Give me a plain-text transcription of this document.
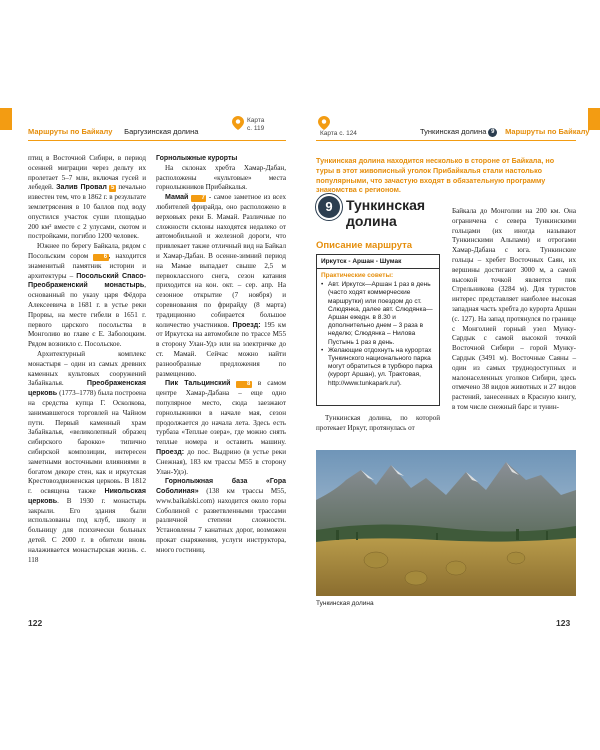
Маршруты по Байкалу Баргузинская долина
Карта
с. 119

птиц в Восточной Сибири, в период осенней миграции через дельту их пролетает 5–7 млн, включая гусей и лебедей. Залив Провал 5 печально известен тем, что в 1862 г. в результате землетрясения в 10 баллов под воду опустился участок суши площадью 200 км² вместе с 2 улусами, скотом и постройками, погибло 1200 человек.

Южнее по берегу Байкала, рядом с Посольским сором 6 , находится знаменитый памятник истории и архитектуры – Посольский Спасо-Преображенский монастырь, основанный по указу царя Фёдора Алексеевича в 1681 г. в устье реки Прорвы, на месте гибели в 1651 г. первого царского посольства в Монголию во главе с Е. Заболоцким. Рядом возникло с. Посольское.

Архитектурный комплекс монастыря – один из самых древних каменных культовых сооружений Забайкалья. Преображенская церковь (1773–1778) была построена на средства купца Г. Осколкова, занимавшегося торговлей на Чайном пути. Первый каменный храм Забайкалья, «великолепный образец сибирского барокко» типично сибирской композиции, интересен заметными восточными влияниями в богатом декоре стен, как и иркутская Крестовоздвиженская церковь. В 1812 г. освящена также Никольская церковь. В 1930 г. монастырь закрыли. Его здания были использованы под клуб, школу и больницу для психически больных детей. С 2000 г. в обители вновь налаживается монастырская жизнь. с. 118

Горнолыжные курорты

На склонах хребта Хамар-Дабан, расположены «культовые» места горнолыжников Прибайкалья.

Мамай 7 - самое заметное из всех любителей фрирайда, оно расположено в верховьях реки Б. Мамай. Различные по сложности склоны находятся недалеко от автомобильной и железной дороги, что привлекает также отличный вид на Байкал и Хамар-Дабан. В осенне-зимний период на Мамае выпадает свыше 2,5 м первоклассного снега, сезон катания приходится на кон. окт. – сер. апр. На сезонное открытие (7 ноября) и соревнования по фрирайду (8 марта) традиционно собирается большое количество участников. Проезд: 195 км от Иркутска на автомобиле по трассе М55 в сторону Улан-Удэ или на электричке до ст. Мамай. Сейчас можно найти разнообразные предложения по размещению.

Пик Тальцинский	8 в самом центре Хамар-Дабана – еще одно популярное место, сюда заезжают горнолыжники в начале мая, сезон продолжается до начала лета. Здесь есть турбаза «Теплые озера», где можно снять теплые номера и оставить машину. Проезд: до пос. Выдрино (в устье реки Снежная), 183 км трассы М55 в сторону Улан-Удэ).

Горнолыжная база «Гора Соболиная» (138 км трассы М55, www.baikalski.com) находится около горы Соболиной с разветвленными трассами различной степени сложности. Установлены 7 канатных дорог, возможен прокат снаряжения, услуги инструктора, много гостиниц.

122
Карта с. 124	Тункинская долина 9 Маршруты по Байкалу
Тункинская долина находится несколько в стороне от Байкала, но туры в этот живописный уголок Прибайкалья стали настолько популярными, что зачастую входят в обязательную программу знакомства с регионом.
9 Тункинская долина
Описание маршрута
Иркутск - Аршан - Шумак
Практические советы:
• Авт. Иркутск—Аршан 1 раз в день (часто ходят коммерческие маршрутки) или поездом до ст. Слюдянка, далее авт. Слюдянка—Аршан ежедн. в 8.30 и дополнительно днем – 3 раза в неделю; Слюдянка – Нилова Пустынь 1 раз в день.
• Желающие отдохнуть на курортах Тункинского национального парка могут обратиться в турбюро парка (курорт Аршан), ул. Трактовая, http://www.tunkapark.ru/).

Тункинская долина, по которой протекает Иркут, протянулась от

Байкала до Монголии на 200 км. Она ограничена с севера Тункинскими гольцами (их иногда называют Тункинскими Альпами) и отрогами Хамар-Дабана с юга. Тункинские гольцы – хребет Восточных Саян, их вершины достигают 3000 м, а самой высокой точкой является пик Стрельникова (3284 м). Для туристов интерес представляет наиболее высокая западная часть хребта до курорта Аршан (с. 127). На запад протянулся по границе с Монголией горный узел Мунку-Сардык с самой высокой точкой Восточной Сибири – горой Мунку-Сардык (3491 м). Восточные Саяны – один из самых труднодоступных и малонаселенных уголков Сибири, здесь отмечено 38 видов животных и 27 видов растений, занесенных в Красную книгу, в том числе снежный барс и тунин-

Тункинская долина
123
